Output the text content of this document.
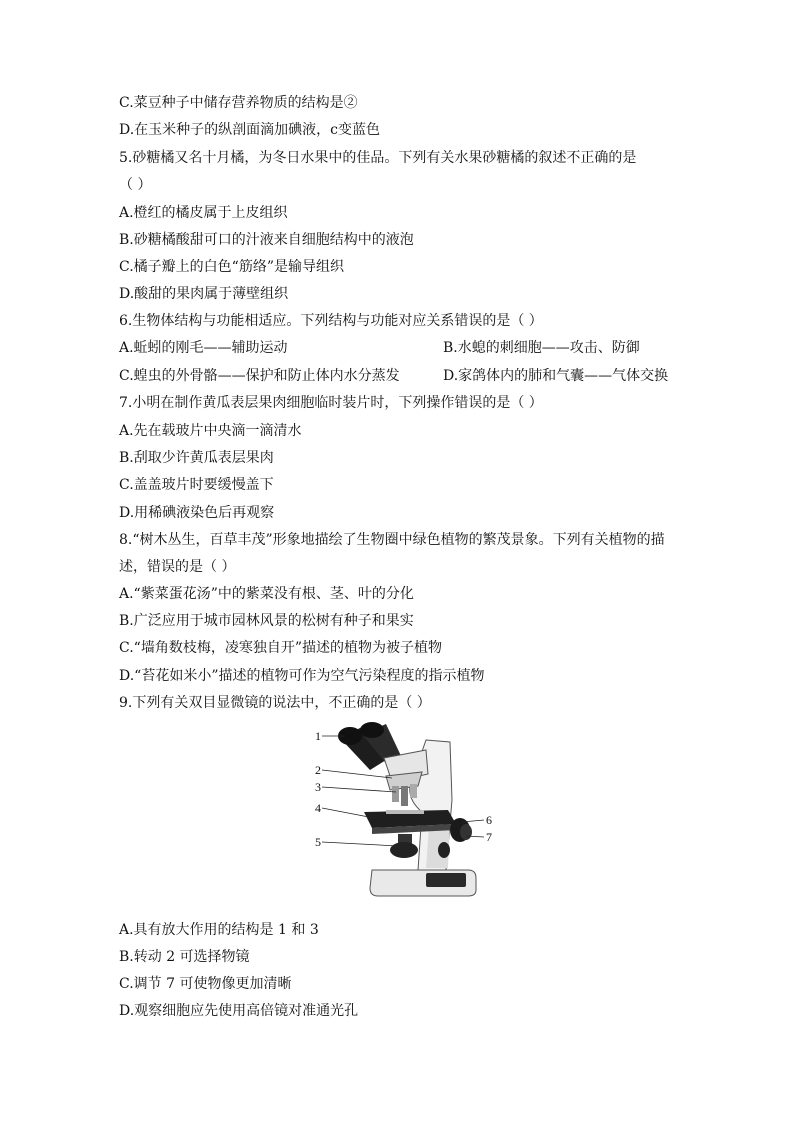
C.菜豆种子中储存营养物质的结构是②
D.在玉米种子的纵剖面滴加碘液，c变蓝色
5.砂糖橘又名十月橘，为冬日水果中的佳品。下列有关水果砂糖橘的叙述不正确的是
（ ）
A.橙红的橘皮属于上皮组织
B.砂糖橘酸甜可口的汁液来自细胞结构中的液泡
C.橘子瓣上的白色“筋络”是输导组织
D.酸甜的果肉属于薄壁组织
6.生物体结构与功能相适应。下列结构与功能对应关系错误的是（ ）
A.蚯蚓的刚毛——辅助运动	B.水螅的刺细胞——攻击、防御
C.蝗虫的外骨骼——保护和防止体内水分蒸发	D.家鸽体内的肺和气囊——气体交换
7.小明在制作黄瓜表层果肉细胞临时装片时，下列操作错误的是（ ）
A.先在载玻片中央滴一滴清水
B.刮取少许黄瓜表层果肉
C.盖盖玻片时要缓慢盖下
D.用稀碘液染色后再观察
8.“树木丛生，百草丰茂”形象地描绘了生物圈中绿色植物的繁茂景象。下列有关植物的描
述，错误的是（ ）
A.“紫菜蛋花汤”中的紫菜没有根、茎、叶的分化
B.广泛应用于城市园林风景的松树有种子和果实
C.“墙角数枝梅，凌寒独自开”描述的植物为被子植物
D.“苔花如米小”描述的植物可作为空气污染程度的指示植物
9.下列有关双目显微镜的说法中，不正确的是（ ）
1
2
3
4
5
6
7
A.具有放大作用的结构是 1 和 3
B.转动 2 可选择物镜
C.调节 7 可使物像更加清晰
D.观察细胞应先使用高倍镜对准通光孔
